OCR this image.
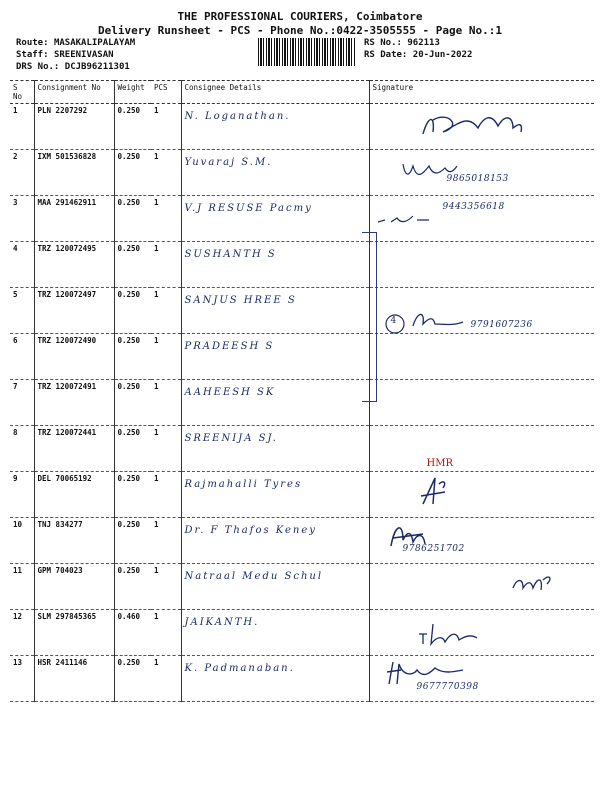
THE PROFESSIONAL COURIERS, Coimbatore
Delivery Runsheet - PCS - Phone No.:0422-3505555 - Page No.:1
Route: MASAKALIPALAYAM
Staff: SREENIVASAN
DRS No.: DCJB96211301
RS No.: 962113
RS Date: 20-Jun-2022
S No	Consignment No	Weight	PCS	Consignee Details	Signature
1	PLN 2207292	0.250	1	N. Loganathan.

2	IXM 501536828	0.250	1	Yuvaraj S.M.	9865018153

3	MAA 291462911	0.250	1	V.J RESUSE Pacmy	9443356618

4	TRZ 120072495	0.250	1	SUSHANTH S	

5	TRZ 120072497	0.250	1	SANJUS HREE S	4 9791607236

6	TRZ 120072490	0.250	1	PRADEESH S	

7	TRZ 120072491	0.250	1	AAHEESH SK	

8	TRZ 120072441	0.250	1	SREENIJA SJ.	HMR

9	DEL 70065192	0.250	1	Rajmahalli Tyres

10	TNJ 834277	0.250	1	Dr. F Thafos Keney	9786251702

11	GPM 704023	0.250	1	Natraal Medu Schul

12	SLM 297845365	0.460	1	JAIKANTH.

13	HSR 2411146	0.250	1	K. Padmanaban.	9677770398
